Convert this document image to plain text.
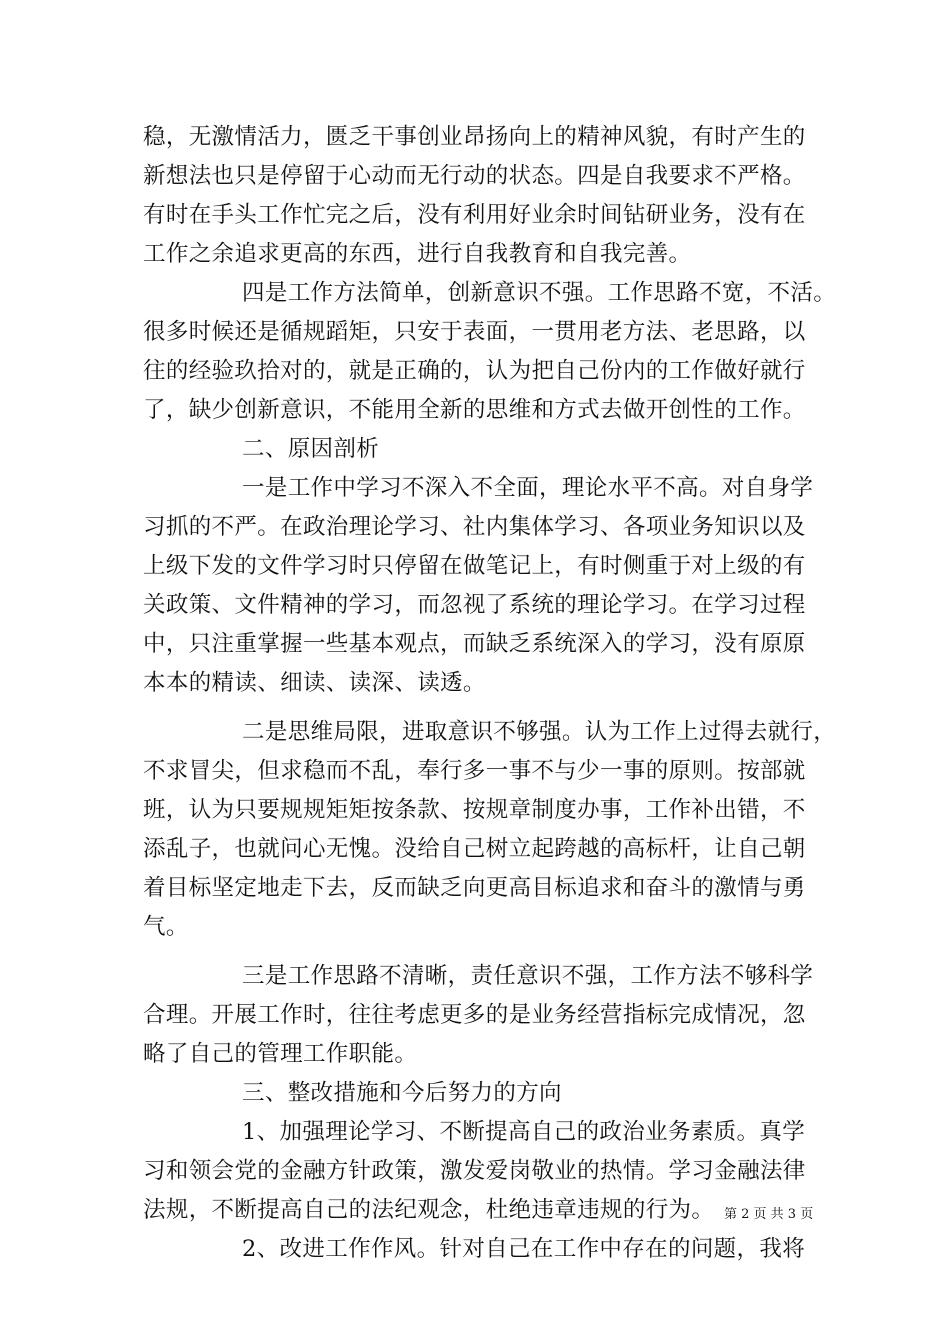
稳，无激情活力，匮乏干事创业昂扬向上的精神风貌，有时产生的
新想法也只是停留于心动而无行动的状态。四是自我要求不严格。
有时在手头工作忙完之后，没有利用好业余时间钻研业务，没有在
工作之余追求更高的东西，进行自我教育和自我完善。
四是工作方法简单，创新意识不强。工作思路不宽，不活。
很多时候还是循规蹈矩，只安于表面，一贯用老方法、老思路，以
往的经验玖拾对的，就是正确的，认为把自己份内的工作做好就行
了，缺少创新意识，不能用全新的思维和方式去做开创性的工作。
二、原因剖析
一是工作中学习不深入不全面，理论水平不高。对自身学
习抓的不严。在政治理论学习、社内集体学习、各项业务知识以及
上级下发的文件学习时只停留在做笔记上，有时侧重于对上级的有
关政策、文件精神的学习，而忽视了系统的理论学习。在学习过程
中，只注重掌握一些基本观点，而缺乏系统深入的学习，没有原原
本本的精读、细读、读深、读透。
二是思维局限，进取意识不够强。认为工作上过得去就行，
不求冒尖，但求稳而不乱，奉行多一事不与少一事的原则。按部就
班，认为只要规规矩矩按条款、按规章制度办事，工作补出错，不
添乱子，也就问心无愧。没给自己树立起跨越的高标杆，让自己朝
着目标坚定地走下去，反而缺乏向更高目标追求和奋斗的激情与勇
气。
三是工作思路不清晰，责任意识不强，工作方法不够科学
合理。开展工作时，往往考虑更多的是业务经营指标完成情况，忽
略了自己的管理工作职能。
三、整改措施和今后努力的方向
1、加强理论学习、不断提高自己的政治业务素质。真学
习和领会党的金融方针政策，激发爱岗敬业的热情。学习金融法律
法规，不断提高自己的法纪观念，杜绝违章违规的行为。
2、改进工作作风。针对自己在工作中存在的问题，我将
第 2 页 共 3 页
